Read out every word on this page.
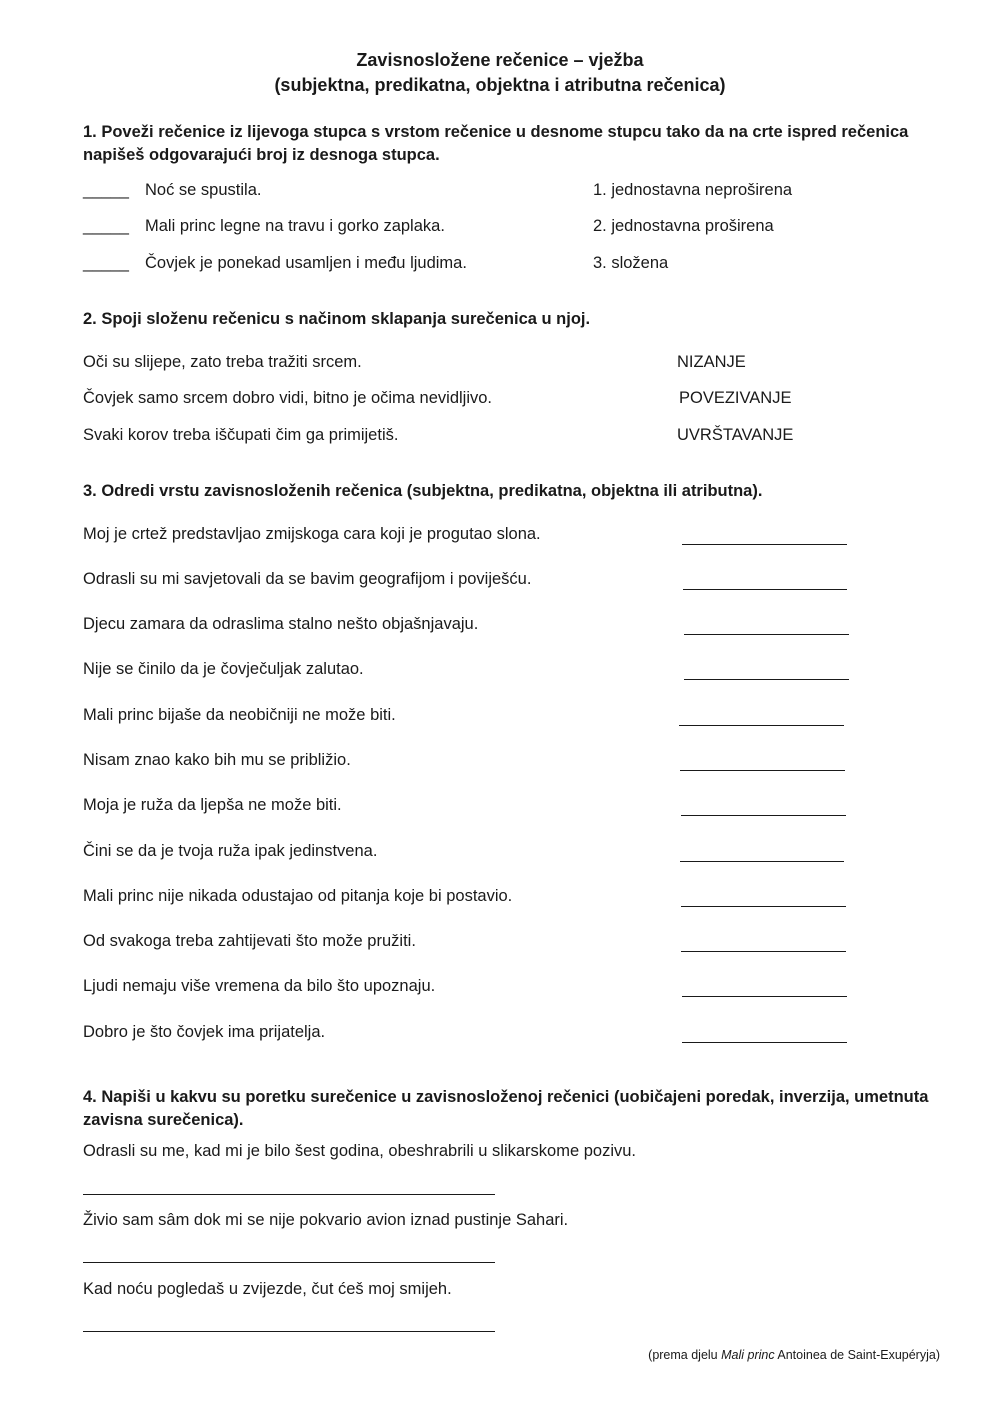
Zavisnosložene rečenice – vježba
(subjektna, predikatna, objektna i atributna rečenica)
1. Poveži rečenice iz lijevoga stupca s vrstom rečenice u desnome stupcu tako da na crte ispred rečenica napišeš odgovarajući broj iz desnoga stupca.
_____ Noć se spustila.	1. jednostavna neproširena
_____ Mali princ legne na travu i gorko zaplaka.	2. jednostavna proširena
_____ Čovjek je ponekad usamljen i među ljudima.	3. složena
2. Spoji složenu rečenicu s načinom sklapanja surečenica u njoj.
Oči su slijepe, zato treba tražiti srcem.	NIZANJE
Čovjek samo srcem dobro vidi, bitno je očima nevidljivo.	POVEZIVANJE
Svaki korov treba iščupati čim ga primijetiš.	UVRŠTAVANJE
3. Odredi vrstu zavisnosloženih rečenica (subjektna, predikatna, objektna ili atributna).
Moj je crtež predstavljao zmijskoga cara koji je progutao slona.
Odrasli su mi savjetovali da se bavim geografijom i poviješću.
Djecu zamara da odraslima stalno nešto objašnjavaju.
Nije se činilo da je čovječuljak zalutao.
Mali princ bijaše da neobičniji ne može biti.
Nisam znao kako bih mu se približio.
Moja je ruža da ljepša ne može biti.
Čini se da je tvoja ruža ipak jedinstvena.
Mali princ nije nikada odustajao od pitanja koje bi postavio.
Od svakoga treba zahtijevati što može pružiti.
Ljudi nemaju više vremena da bilo što upoznaju.
Dobro je što čovjek ima prijatelja.
4. Napiši u kakvu su poretku surečenice u zavisnosloženoj rečenici (uobičajeni poredak, inverzija, umetnuta zavisna surečenica).
Odrasli su me, kad mi je bilo šest godina, obeshrabrili u slikarskome pozivu.
Živio sam sâm dok mi se nije pokvario avion iznad pustinje Sahari.
Kad noću pogledaš u zvijezde, čut ćeš moj smijeh.
(prema djelu Mali princ Antoinea de Saint-Exupéryja)
